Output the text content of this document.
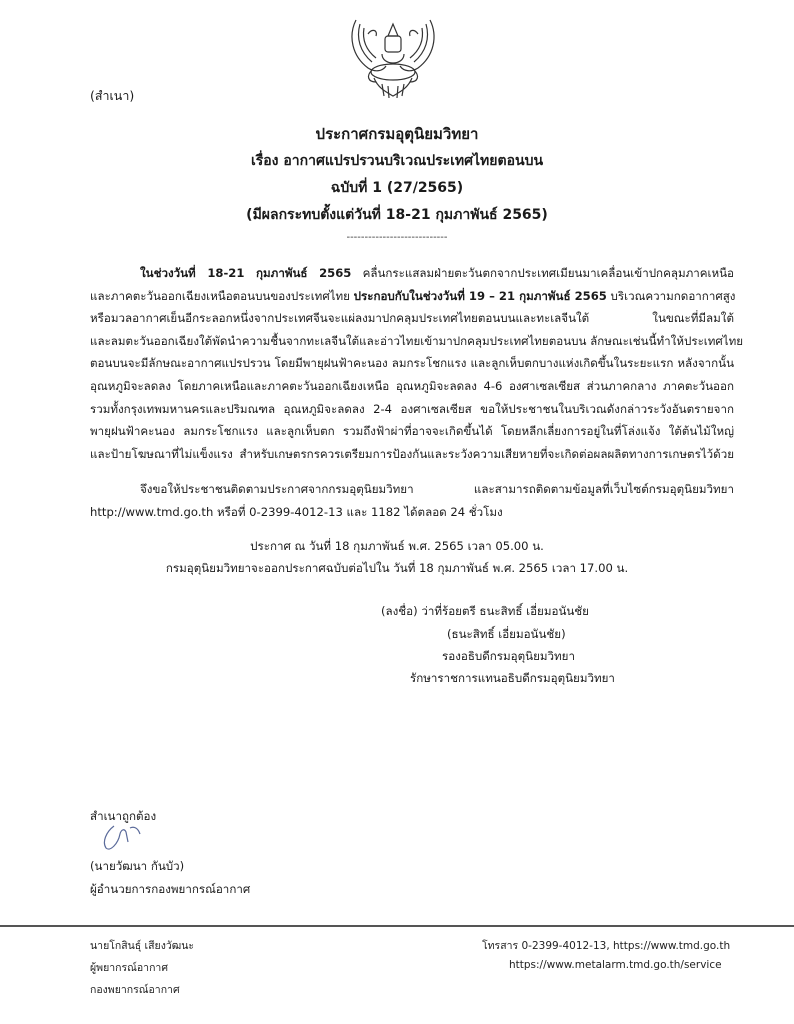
(สำเนา)
ประกาศกรมอุตุนิยมวิทยา
เรื่อง อากาศแปรปรวนบริเวณประเทศไทยตอนบน
ฉบับที่ 1 (27/2565)
(มีผลกระทบตั้งแต่วันที่ 18-21 กุมภาพันธ์ 2565)
----------------------------
ในช่วงวันที่ 18-21 กุมภาพันธ์ 2565 คลื่นกระแสลมฝ่ายตะวันตกจากประเทศเมียนมาเคลื่อนเข้าปกคลุมภาคเหนือ
และภาคตะวันออกเฉียงเหนือตอนบนของประเทศไทย ประกอบกับในช่วงวันที่ 19 – 21 กุมภาพันธ์ 2565 บริเวณความกดอากาศสูง
หรือมวลอากาศเย็นอีกระลอกหนึ่งจากประเทศจีนจะแผ่ลงมาปกคลุมประเทศไทยตอนบนและทะเลจีนใต้ ในขณะที่มีลมใต้
และลมตะวันออกเฉียงใต้พัดนำความชื้นจากทะเลจีนใต้และอ่าวไทยเข้ามาปกคลุมประเทศไทยตอนบน ลักษณะเช่นนี้ทำให้ประเทศไทย
ตอนบนจะมีลักษณะอากาศแปรปรวน โดยมีพายุฝนฟ้าคะนอง ลมกระโชกแรง และลูกเห็บตกบางแห่งเกิดขึ้นในระยะแรก หลังจากนั้น
อุณหภูมิจะลดลง โดยภาคเหนือและภาคตะวันออกเฉียงเหนือ อุณหภูมิจะลดลง 4-6 องศาเซลเซียส ส่วนภาคกลาง ภาคตะวันออก
รวมทั้งกรุงเทพมหานครและปริมณฑล อุณหภูมิจะลดลง 2-4 องศาเซลเซียส ขอให้ประชาชนในบริเวณดังกล่าวระวังอันตรายจาก
พายุฝนฟ้าคะนอง ลมกระโชกแรง และลูกเห็บตก รวมถึงฟ้าผ่าที่อาจจะเกิดขึ้นได้ โดยหลีกเลี่ยงการอยู่ในที่โล่งแจ้ง ใต้ต้นไม้ใหญ่
และป้ายโฆษณาที่ไม่แข็งแรง สำหรับเกษตรกรควรเตรียมการป้องกันและระวังความเสียหายที่จะเกิดต่อผลผลิตทางการเกษตรไว้ด้วย
จึงขอให้ประชาชนติดตามประกาศจากกรมอุตุนิยมวิทยา และสามารถติดตามข้อมูลที่เว็บไซต์กรมอุตุนิยมวิทยา
http://www.tmd.go.th หรือที่ 0-2399-4012-13 และ 1182 ได้ตลอด 24 ชั่วโมง
ประกาศ ณ วันที่ 18 กุมภาพันธ์ พ.ศ. 2565 เวลา 05.00 น.
กรมอุตุนิยมวิทยาจะออกประกาศฉบับต่อไปใน วันที่ 18 กุมภาพันธ์ พ.ศ. 2565 เวลา 17.00 น.
(ลงชื่อ) ว่าที่ร้อยตรี ธนะสิทธิ์ เอี่ยมอนันชัย
(ธนะสิทธิ์ เอี่ยมอนันชัย)
รองอธิบดีกรมอุตุนิยมวิทยา
รักษาราชการแทนอธิบดีกรมอุตุนิยมวิทยา
สำเนาถูกต้อง
(นายวัฒนา กันบัว)
ผู้อำนวยการกองพยากรณ์อากาศ
นายโกสินธุ์ เสียงวัฒนะ
ผู้พยากรณ์อากาศ
กองพยากรณ์อากาศ
โทรสาร 0-2399-4012-13, https://www.tmd.go.th
https://www.metalarm.tmd.go.th/service
